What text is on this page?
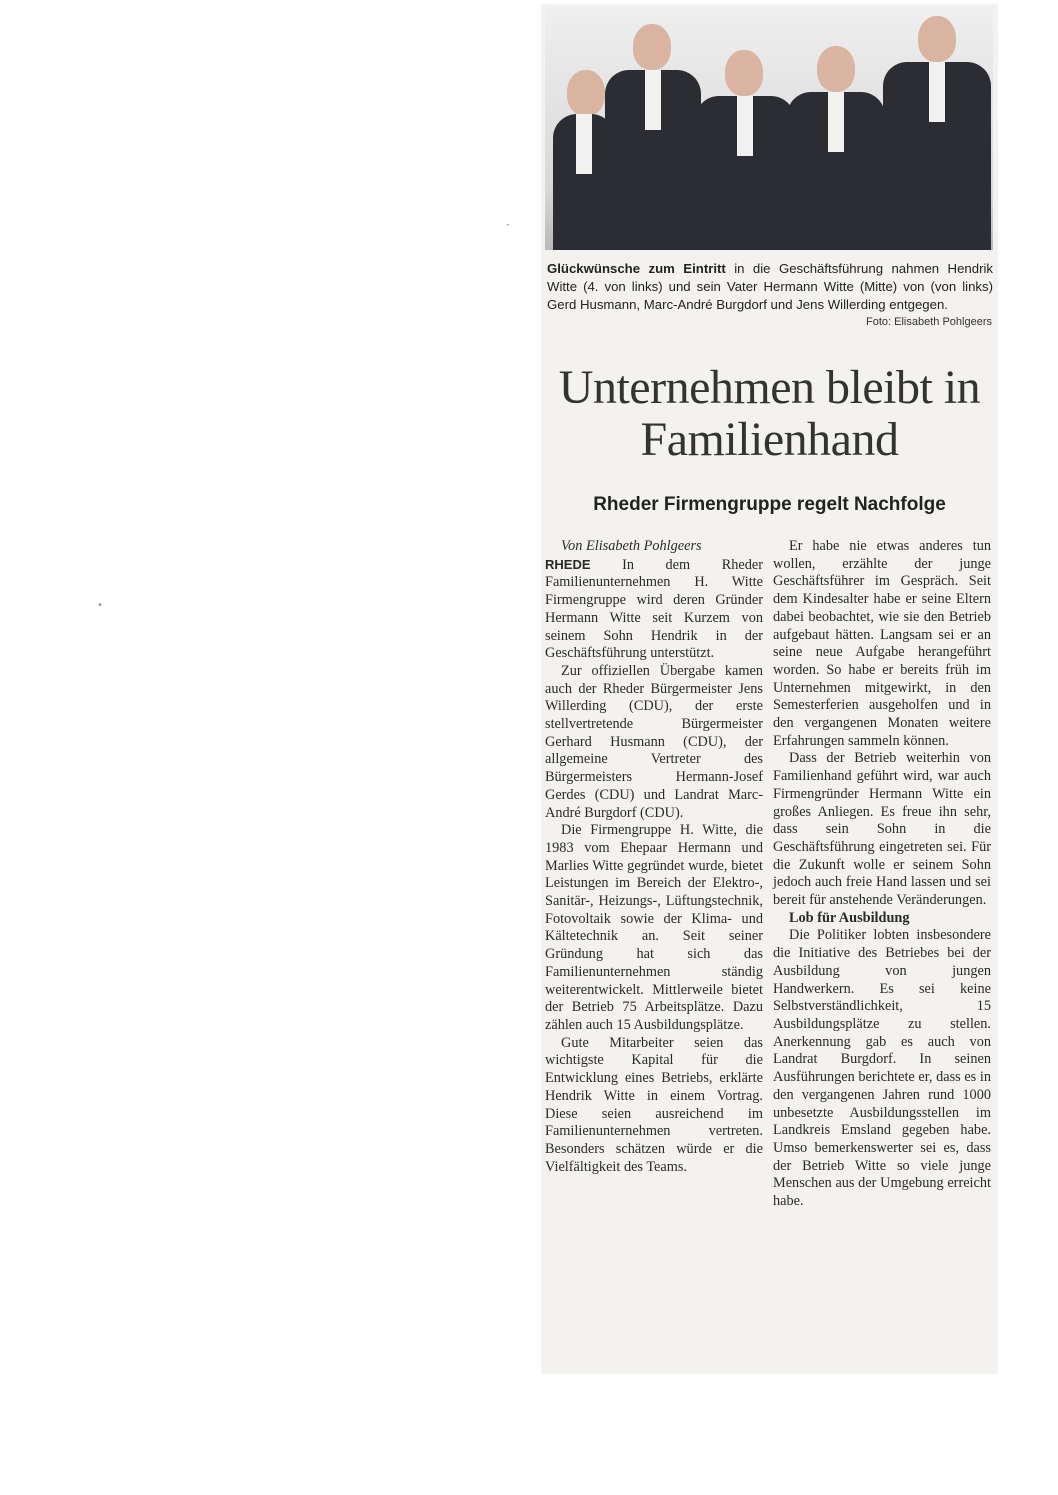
Glückwünsche zum Eintritt in die Geschäftsführung nahmen Hendrik Witte (4. von links) und sein Vater Hermann Witte (Mitte) von (von links) Gerd Husmann, Marc-André Burgdorf und Jens Willerding entgegen.
Foto: Elisabeth Pohlgeers
Unternehmen bleibt in Familienhand
Rheder Firmengruppe regelt Nachfolge

Von Elisabeth Pohlgeers

RHEDE In dem Rheder Familienunternehmen H. Witte Firmengruppe wird deren Gründer Hermann Witte seit Kurzem von seinem Sohn Hendrik in der Geschäftsführung unterstützt.

Zur offiziellen Übergabe kamen auch der Rheder Bürgermeister Jens Willerding (CDU), der erste stellvertretende Bürgermeister Gerhard Husmann (CDU), der allgemeine Vertreter des Bürgermeisters Hermann-Josef Gerdes (CDU) und Landrat Marc-André Burgdorf (CDU).

Die Firmengruppe H. Witte, die 1983 vom Ehepaar Hermann und Marlies Witte gegründet wurde, bietet Leistungen im Bereich der Elektro-, Sanitär-, Heizungs-, Lüftungstechnik, Fotovoltaik sowie der Klima- und Kältetechnik an. Seit seiner Gründung hat sich das Familienunternehmen ständig weiterentwickelt. Mittlerweile bietet der Betrieb 75 Arbeitsplätze. Dazu zählen auch 15 Ausbildungsplätze.

Gute Mitarbeiter seien das wichtigste Kapital für die Entwicklung eines Betriebs, erklärte Hendrik Witte in einem Vortrag. Diese seien ausreichend im Familienunternehmen vertreten. Besonders schätzen würde er die Vielfältigkeit des Teams.

Er habe nie etwas anderes tun wollen, erzählte der junge Geschäftsführer im Gespräch. Seit dem Kindesalter habe er seine Eltern dabei beobachtet, wie sie den Betrieb aufgebaut hätten. Langsam sei er an seine neue Aufgabe herangeführt worden. So habe er bereits früh im Unternehmen mitgewirkt, in den Semesterferien ausgeholfen und in den vergangenen Monaten weitere Erfahrungen sammeln können.

Dass der Betrieb weiterhin von Familienhand geführt wird, war auch Firmengründer Hermann Witte ein großes Anliegen. Es freue ihn sehr, dass sein Sohn in die Geschäftsführung eingetreten sei. Für die Zukunft wolle er seinem Sohn jedoch auch freie Hand lassen und sei bereit für anstehende Veränderungen.

Lob für Ausbildung

Die Politiker lobten insbesondere die Initiative des Betriebes bei der Ausbildung von jungen Handwerkern. Es sei keine Selbstverständlichkeit, 15 Ausbildungsplätze zu stellen. Anerkennung gab es auch von Landrat Burgdorf. In seinen Ausführungen berichtete er, dass es in den vergangenen Jahren rund 1000 unbesetzte Ausbildungsstellen im Landkreis Emsland gegeben habe. Umso bemerkenswerter sei es, dass der Betrieb Witte so viele junge Menschen aus der Umgebung erreicht habe.

•
•
